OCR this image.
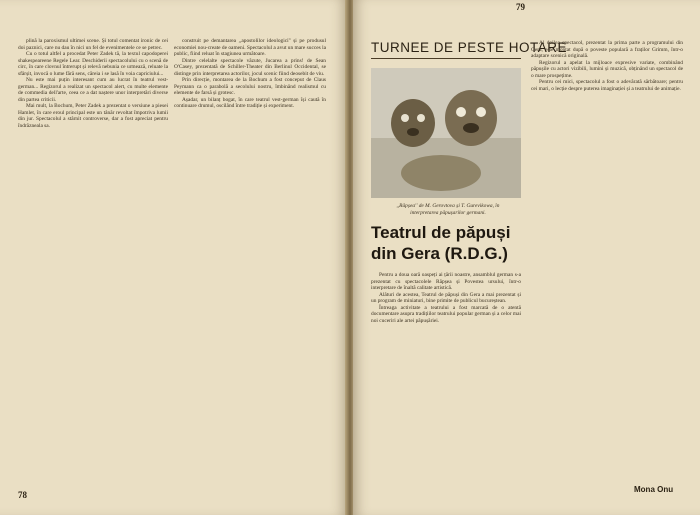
plină la paroxismul ultimei scene. Și totul comentat ironic de cei doi paznici, care nu dau în nici un fel de evenimentele ce se petrec.

Cu o totul altfel a procedat Peter Zadek tă, la textul capodoperei shakespeareene Regele Lear. Deschiderii spectacolului cu o scenă de circ, în care clovnul întrerupt și relevă nebunia ce urmează, reluate la sfârșit, invocă o lume fără sens, căreia i se lasă în voia capriciului...

Nu este mai puțin interesant cum au lucrat în teatrul vest-german... Regizorul a realizat un spectacol alert, cu multe elemente de commedia dell'arte, ceea ce a dat naștere unor interpretări diverse din partea criticii.

Mai mult, la Bochum, Peter Zadek a prezentat o versiune a piesei Hamlet, în care eroul principal este un tânăr revoltat împotriva lumii din jur. Spectacolul a stârnit controverse, dar a fost apreciat pentru îndrăzneala sa.

construit pe demantarea ,,apostolilor ideologici'' și pe produsul economiei nou-create de oameni. Spectacolul a avut un mare succes la public, fiind reluat în stagiunea următoare.

Dintre celelalte spectacole văzute, Jucarea a prins! de Sean O'Casey, prezentată de Schiller-Theater din Berlinul Occidental, se distinge prin interpretarea actorilor, jocul scenic fiind deosebit de viu.

Prin direcție, montarea de la Bochum a fost conceput de Claus Peymann ca o parabolă a secolului nostru, îmbinând realismul cu elemente de farsă și grotesc.

Așadar, un bilanț bogat, în care teatrul vest-german își caută în continuare drumul, oscilând între tradiție și experiment.

78
TURNEE DE PESTE HOTARE
,,Răpșea'' de M. Gerovtova și T. Gurevikowa, în interpretarea păpușarilor germani.
Teatrul de păpuși din Gera (R.D.G.)

Pentru a doua oară oaspeți ai țării noastre, ansamblul german s-a prezentat cu spectacolele Răpșea și Povestea ursului, într-o interpretare de înaltă calitate artistică.

Alături de acestea, Teatrul de păpuși din Gera a mai prezentat și un program de miniaturi, bine primite de publicul bucureștean.

Întreaga activitate a teatrului a fost marcată de o atentă documentare asupra tradițiilor teatrului popular german și a celor mai noi cuceriri ale artei păpușăriei.

Al doilea spectacol, prezentat la prima parte a programului din Gera, este montat după o poveste populară a fraților Grimm, într-o adaptare scenică originală.

Regizorul a apelat la mijloace expresive variate, combinând păpușile cu actori vizibili, lumini și muzică, obținând un spectacol de o mare prospețime.

Pentru cei mici, spectacolul a fost o adevărată sărbătoare; pentru cei mari, o lecție despre puterea imaginației și a teatrului de animație.

Mona Onu
79
